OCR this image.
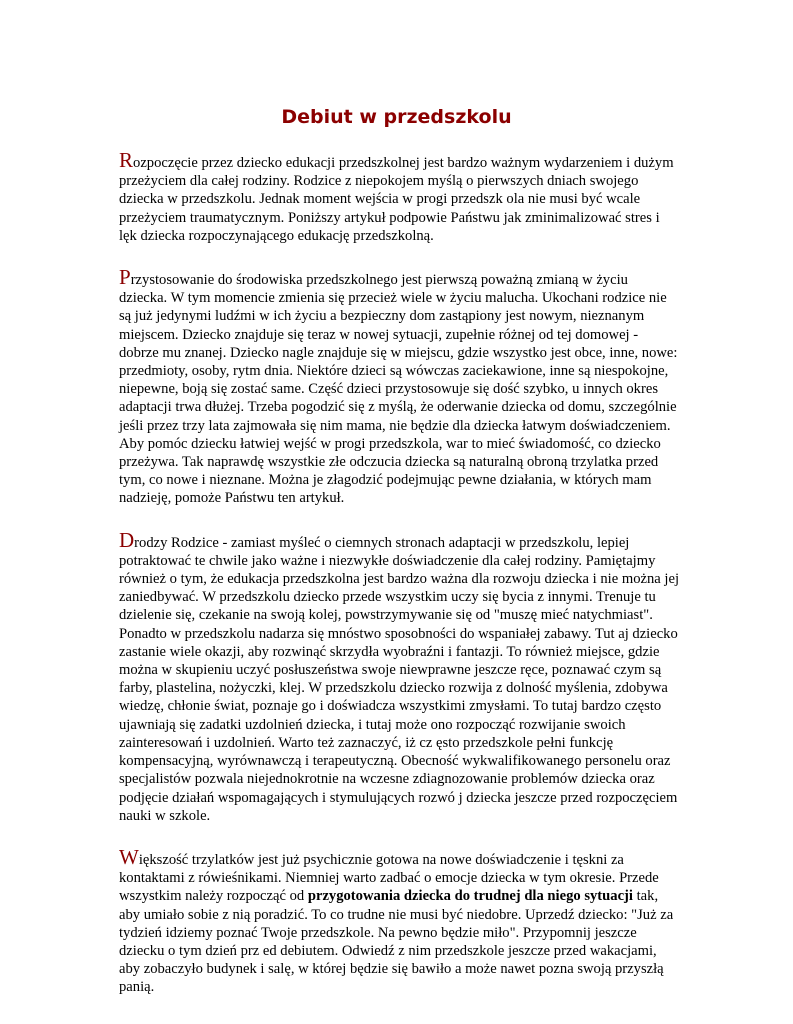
Debiut w przedszkolu

Rozpoczęcie przez dziecko edukacji przedszkolnej jest bardzo ważnym wydarzeniem i dużym przeżyciem dla całej rodziny. Rodzice z niepokojem myślą o pierwszych dniach swojego dziecka w przedszkolu. Jednak moment wejścia w progi przedszk ola nie musi być wcale przeżyciem traumatycznym. Poniższy artykuł podpowie Państwu jak zminimalizować stres i lęk dziecka rozpoczynającego edukację przedszkolną.

Przystosowanie do środowiska przedszkolnego jest pierwszą poważną zmianą w życiu dziecka. W tym momencie zmienia się przecież wiele w życiu malucha. Ukochani rodzice nie są już jedynymi ludźmi w ich życiu a bezpieczny dom zastąpiony jest nowym, nieznanym miejscem. Dziecko znajduje się teraz w nowej sytuacji, zupełnie różnej od tej domowej - dobrze mu znanej. Dziecko nagle znajduje się w miejscu, gdzie wszystko jest obce, inne, nowe: przedmioty, osoby, rytm dnia. Niektóre dzieci są wówczas zaciekawione, inne są niespokojne, niepewne, boją się zostać same. Część dzieci przystosowuje się dość szybko, u innych okres adaptacji trwa dłużej. Trzeba pogodzić się z myślą, że oderwanie dziecka od domu, szczególnie jeśli przez trzy lata zajmowała się nim mama, nie będzie dla dziecka łatwym doświadczeniem. Aby pomóc dziecku łatwiej wejść w progi przedszkola, war to mieć świadomość, co dziecko przeżywa. Tak naprawdę wszystkie złe odczucia dziecka są naturalną obroną trzylatka przed tym, co nowe i nieznane. Można je złagodzić podejmując pewne działania, w których mam nadzieję, pomoże Państwu ten artykuł.

Drodzy Rodzice - zamiast myśleć o ciemnych stronach adaptacji w przedszkolu, lepiej potraktować te chwile jako ważne i niezwykłe doświadczenie dla całej rodziny. Pamiętajmy również o tym, że edukacja przedszkolna jest bardzo ważna dla rozwoju dziecka i nie można jej zaniedbywać. W przedszkolu dziecko przede wszystkim uczy się bycia z innymi. Trenuje tu dzielenie się, czekanie na swoją kolej, powstrzymywanie się od "muszę mieć natychmiast". Ponadto w przedszkolu nadarza się mnóstwo sposobności do wspaniałej zabawy. Tut aj dziecko zastanie wiele okazji, aby rozwinąć skrzydła wyobraźni i fantazji. To również miejsce, gdzie można w skupieniu uczyć posłuszeństwa swoje niewprawne jeszcze ręce, poznawać czym są farby, plastelina, nożyczki, klej. W przedszkolu dziecko rozwija z dolność myślenia, zdobywa wiedzę, chłonie świat, poznaje go i doświadcza wszystkimi zmysłami. To tutaj bardzo często ujawniają się zadatki uzdolnień dziecka, i tutaj może ono rozpocząć rozwijanie swoich zainteresowań i uzdolnień. Warto też zaznaczyć, iż cz ęsto przedszkole pełni funkcję kompensacyjną, wyrównawczą i terapeutyczną. Obecność wykwalifikowanego personelu oraz specjalistów pozwala niejednokrotnie na wczesne zdiagnozowanie problemów dziecka oraz podjęcie działań wspomagających i stymulujących rozwó j dziecka jeszcze przed rozpoczęciem nauki w szkole.

Większość trzylatków jest już psychicznie gotowa na nowe doświadczenie i tęskni za kontaktami z rówieśnikami. Niemniej warto zadbać o emocje dziecka w tym okresie. Przede wszystkim należy rozpocząć od przygotowania dziecka do trudnej dla niego sytuacji tak, aby umiało sobie z nią poradzić. To co trudne nie musi być niedobre. Uprzedź dziecko: "Już za tydzień idziemy poznać Twoje przedszkole. Na pewno będzie miło". Przypomnij jeszcze dziecku o tym dzień prz ed debiutem. Odwiedź z nim przedszkole jeszcze przed wakacjami, aby zobaczyło budynek i salę, w której będzie się bawiło a może nawet pozna swoją przyszłą panią.
